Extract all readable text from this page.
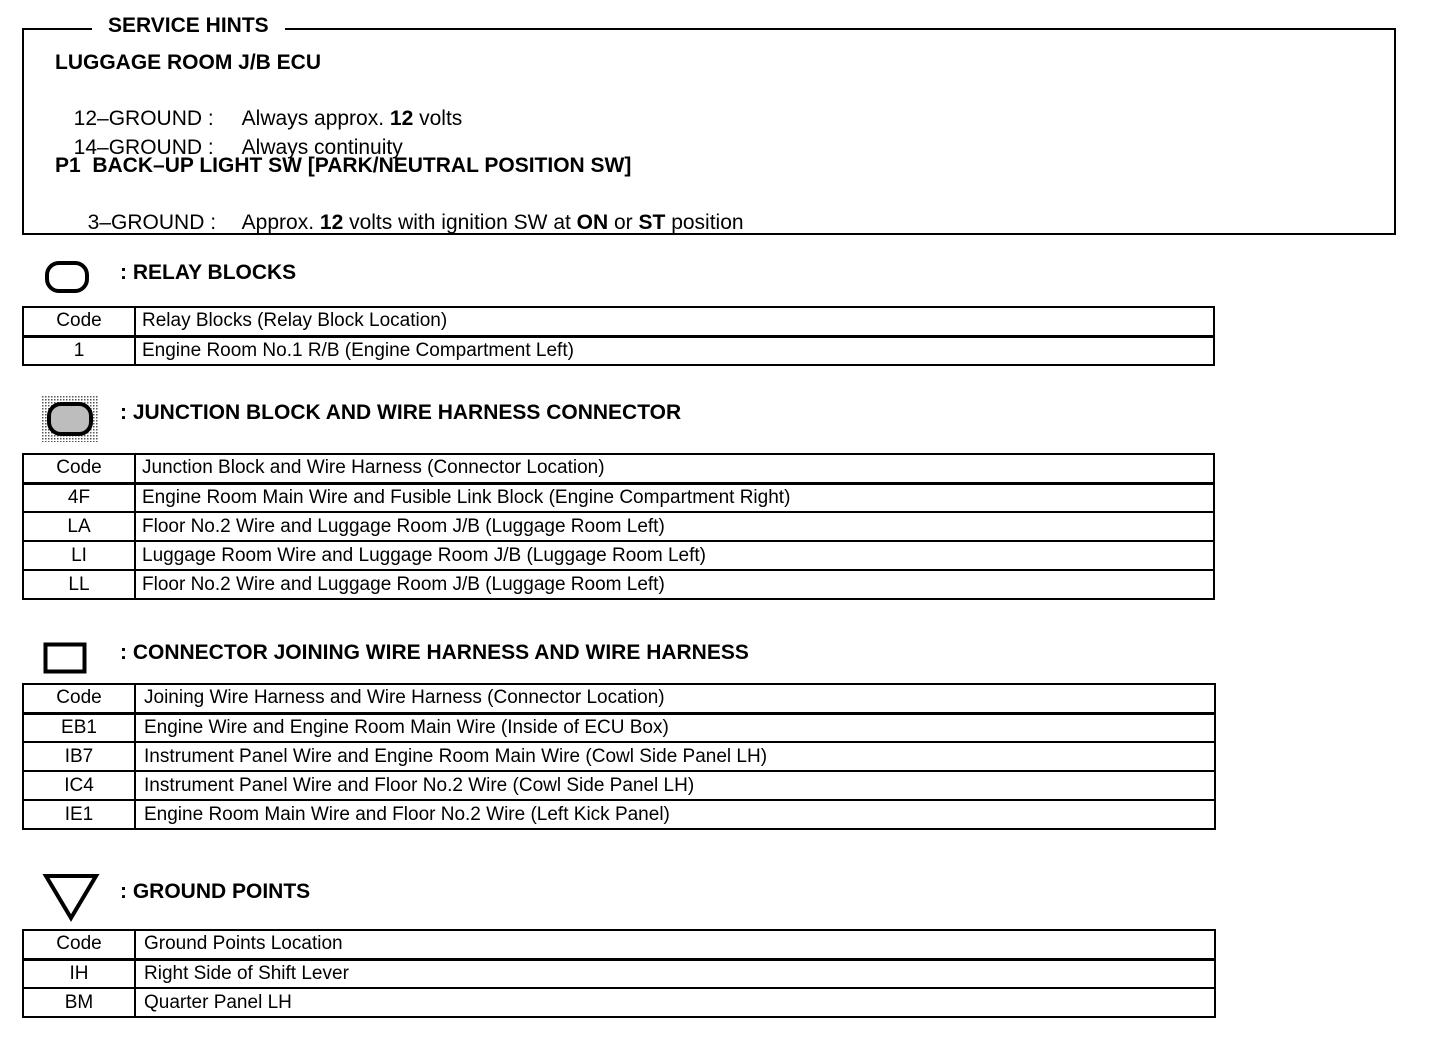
SERVICE HINTS
LUGGAGE ROOM J/B ECU

12–GROUND : Always approx. 12 volts

14–GROUND : Always continuity

P1  BACK–UP LIGHT SW [PARK/NEUTRAL POSITION SW]

3–GROUND : Approx. 12 volts with ignition SW at ON or ST position

: RELAY BLOCKS
Code	Relay Blocks (Relay Block Location)
1	Engine Room No.1 R/B (Engine Compartment Left)
: JUNCTION BLOCK AND WIRE HARNESS CONNECTOR
Code	Junction Block and Wire Harness (Connector Location)
4F	Engine Room Main Wire and Fusible Link Block (Engine Compartment Right)
LA	Floor No.2 Wire and Luggage Room J/B (Luggage Room Left)
LI	Luggage Room Wire and Luggage Room J/B (Luggage Room Left)
LL	Floor No.2 Wire and Luggage Room J/B (Luggage Room Left)
: CONNECTOR JOINING WIRE HARNESS AND WIRE HARNESS
Code	Joining Wire Harness and Wire Harness (Connector Location)
EB1	Engine Wire and Engine Room Main Wire (Inside of ECU Box)
IB7	Instrument Panel Wire and Engine Room Main Wire (Cowl Side Panel LH)
IC4	Instrument Panel Wire and Floor No.2 Wire (Cowl Side Panel LH)
IE1	Engine Room Main Wire and Floor No.2 Wire (Left Kick Panel)
: GROUND POINTS
Code	Ground Points Location
IH	Right Side of Shift Lever
BM	Quarter Panel LH
